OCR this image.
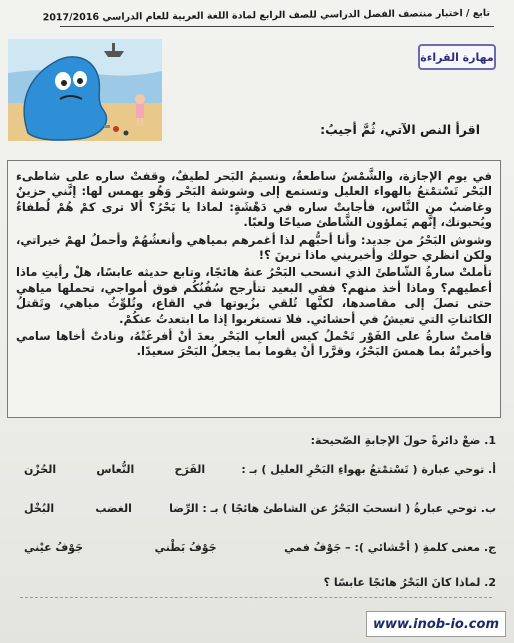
تابع / اختبار منتصف الفصل الدراسي للصف الرابع لمادة اللغة العربية للعام الدراسي 2017/2016
مهارة القراءة
اقرأ النص الآتي، ثُمَّ أجيبُ:

في يوم الإجازة، والشَّمْسُ ساطعةٌ، ونسيمُ البَحر لطيفٌ، وقفتْ ساره على شاطىء البَحْر تَسْتمْتعُ بالهواء العليل وتستمع إلى وشوشة البَحْر وَهُو يهمس لها: إنَّني حزينٌ وغاضبٌ من النَّاس، فأجابتْ ساره في دَهْشَةٍ: لماذا يا بَحْرُ؟ ألا ترى كمْ هُمْ لُطفاءُ ويُحبونك، إنَّهم يَملؤون الشَّاطئ صياحًا ولعبًا.

وشوش البَحْرُ من جديد: وأنا أحبُّهم لذا أغمرهم بمياهي وأنعشُهُمْ وأحملُ لهمْ خيراتي، ولكن انظري حولك وأخبريني ماذا ترينَ ؟!

تأملتْ سارةُ الشّاطئَ الذي انسحب البَحْرُ عنهُ هائجًا، وتابع حديثه عابسًا، هلْ رأيتِ ماذا أعطيهم؟ وماذا أخذ منهم؟ ففي البعيد تتأرجح سُفُنُكُم فوق أمواجي، تحملها مياهي حتى تصلَ إلى مقاصدها، لكنَّها تُلقي بزُيوتها في القاع، وتُلوِّثُ مياهي، وتَقتلُ الكائناتِ التي تعيشُ في أحشائي. فلا تستغربوا إذا ما ابتعدتُ عنكُمْ.

قامتْ سارةُ على الفَوْر تَحْملُ كيس ألعابِ البَحْر بعدَ أنْ أفرغَتْهُ، ونادتْ أخاها سامي وأخبرتْهُ بما همسَ البَحْرُ، وقرَّرا أنْ يقوما بما يجعلُ البَحْرَ سعيدًا.

1. ضعْ دائرةً حولَ الإجابةِ الصّحيحة:
أ. توحي عبارة ( تَسْتمْتعُ بهواءِ البَحْرِ العليل ) بـ :
الفَرَح
النُّعاس
الحُزْن
ب. توحي عبارةُ ( انسحبَ البَحْرُ عن الشاطئ هائجًا ) بـ : الرِّضا
الغضب
البُخْل
ج. معنى كلمةِ ( أحْشائي ): – جَوْفُ فمي
جَوْفُ بَطْني
جَوْفُ عيْني
2. لماذا كانَ البَحْرُ هائجًا عابسًا ؟
www.inob-io.com
